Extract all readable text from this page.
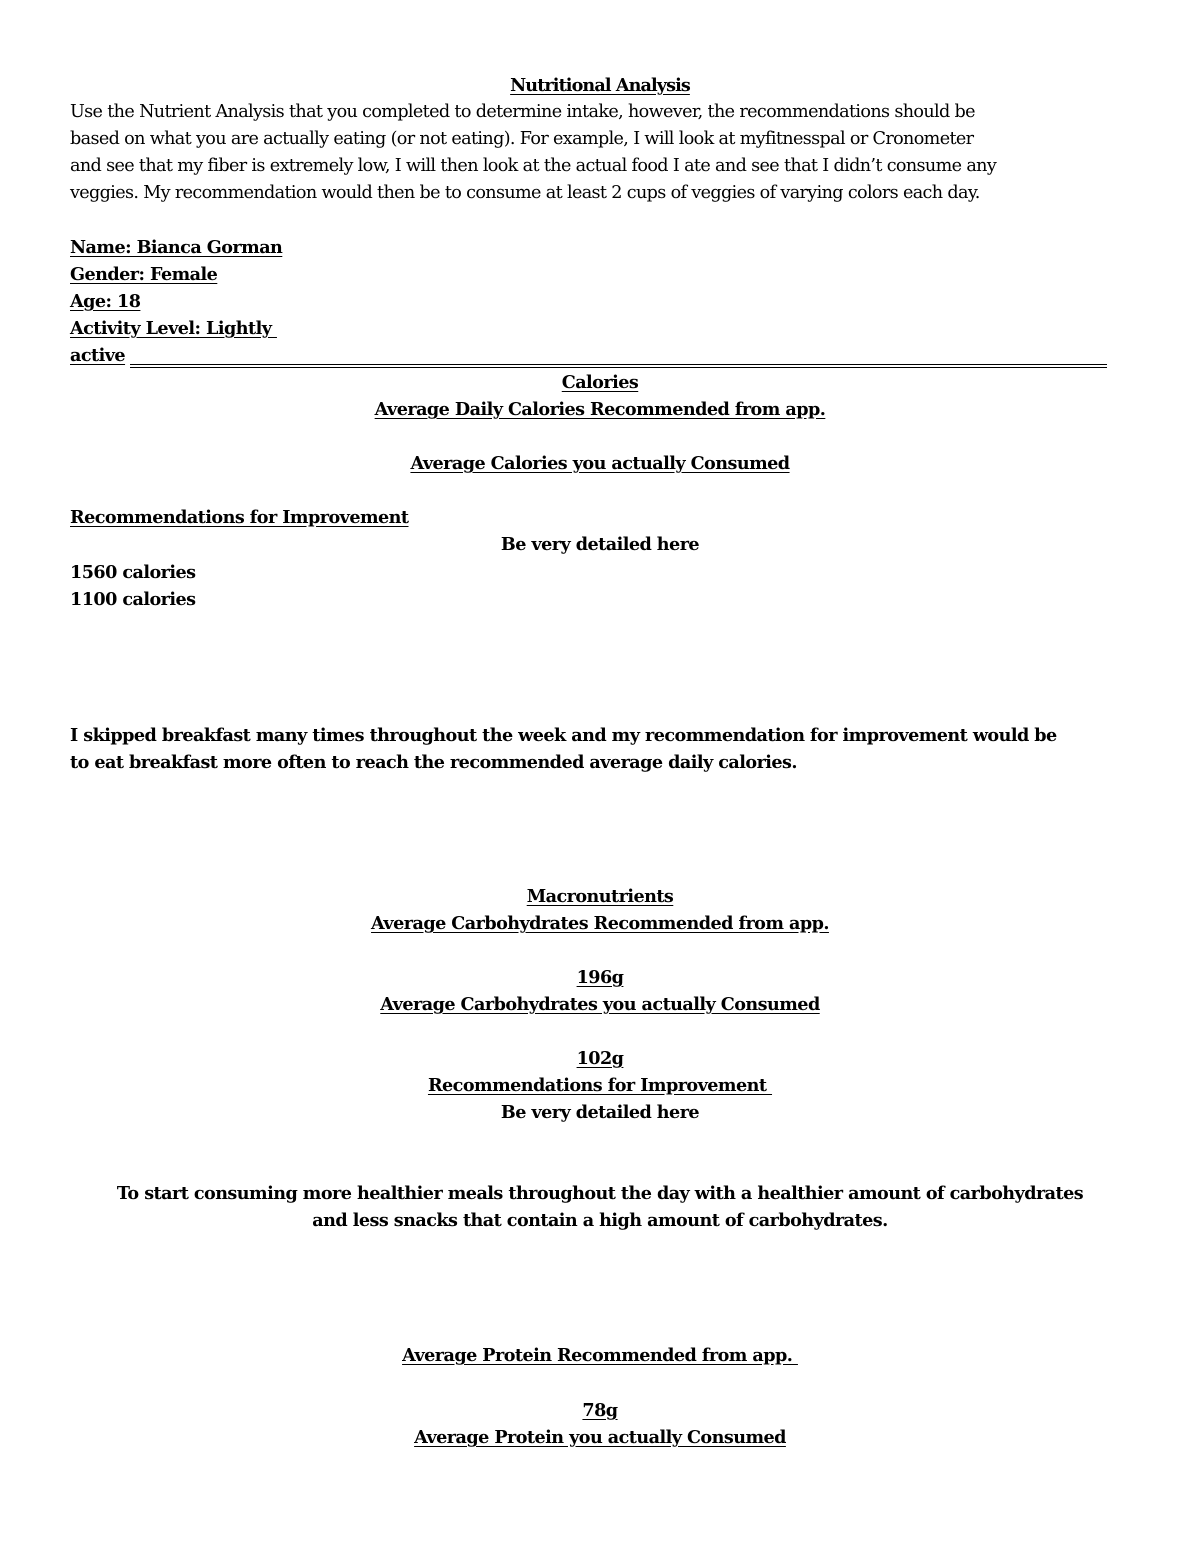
Nutritional Analysis
Use the Nutrient Analysis that you completed to determine intake, however, the recommendations should be
based on what you are actually eating (or not eating). For example, I will look at myfitnesspal or Cronometer
and see that my fiber is extremely low, I will then look at the actual food I ate and see that I didn’t consume any
veggies. My recommendation would then be to consume at least 2 cups of veggies of varying colors each day.
Name: Bianca Gorman
Gender: Female
Age: 18
Activity Level: Lightly
active
Calories
Average Daily Calories Recommended from app.
Average Calories you actually Consumed
Recommendations for Improvement
Be very detailed here
1560 calories
1100 calories
I skipped breakfast many times throughout the week and my recommendation for improvement would be
to eat breakfast more often to reach the recommended average daily calories.
Macronutrients
Average Carbohydrates Recommended from app.
196g
Average Carbohydrates you actually Consumed
102g
Recommendations for Improvement
Be very detailed here
To start consuming more healthier meals throughout the day with a healthier amount of carbohydrates
and less snacks that contain a high amount of carbohydrates.
Average Protein Recommended from app.
78g
Average Protein you actually Consumed
